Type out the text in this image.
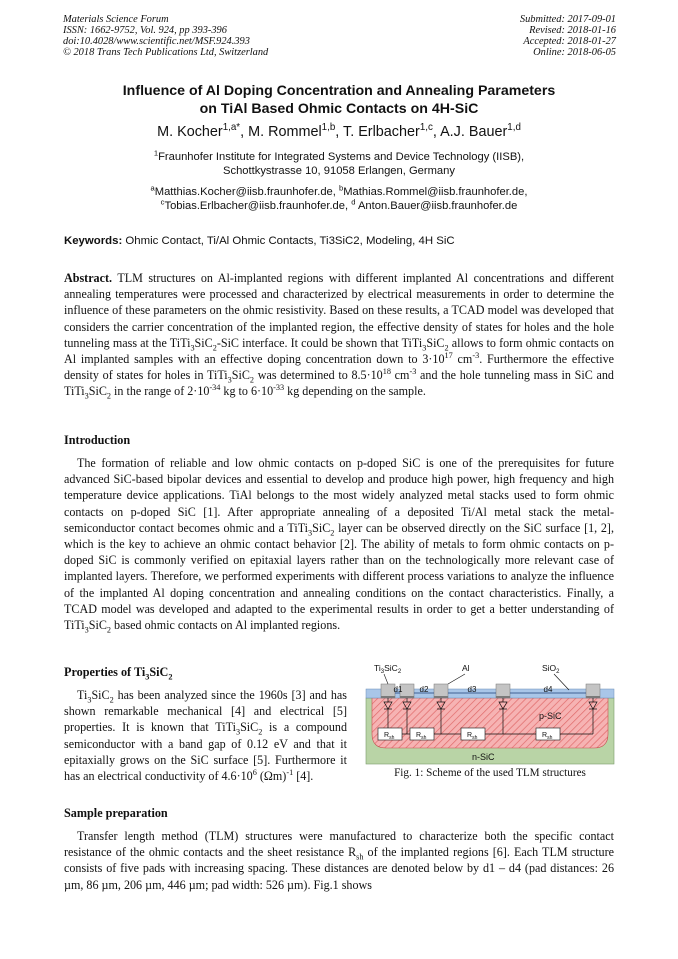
Materials Science Forum
ISSN: 1662-9752, Vol. 924, pp 393-396
doi:10.4028/www.scientific.net/MSF.924.393
© 2018 Trans Tech Publications Ltd, Switzerland
Submitted: 2017-09-01
Revised: 2018-01-16
Accepted: 2018-01-27
Online: 2018-06-05
Influence of Al Doping Concentration and Annealing Parameters
on TiAl Based Ohmic Contacts on 4H-SiC
M. Kocher$^{1,a*}$, M. Rommel$^{1,b}$, T. Erlbacher$^{1,c}$, A.J. Bauer$^{1,d}$
$^1$Fraunhofer Institute for Integrated Systems and Device Technology (IISB),
Schottkystrasse 10, 91058 Erlangen, Germany
$^a$Matthias.Kocher@iisb.fraunhofer.de, $^b$Mathias.Rommel@iisb.fraunhofer.de,
$^c$Tobias.Erlbacher@iisb.fraunhofer.de, $^d$ Anton.Bauer@iisb.fraunhofer.de
Keywords: Ohmic Contact, Ti/Al Ohmic Contacts, Ti3SiC2, Modeling, 4H SiC
Abstract. TLM structures on Al-implanted regions with different implanted Al concentrations and different annealing temperatures were processed and characterized by electrical measurements in order to determine the influence of these parameters on the ohmic resistivity. Based on these results, a TCAD model was developed that considers the carrier concentration of the implanted region, the effective density of states for holes and the hole tunneling mass at the TiTi$_3$SiC$_2$-SiC interface. It could be shown that TiTi$_3$SiC$_2$ allows to form ohmic contacts on Al implanted samples with an effective doping concentration down to $3\cdot 10^{17}$ $cm^{-3}$. Furthermore the effective density of states for holes in TiTi$_3$SiC$_2$ was determined to $8.5\cdot 10^{18}$ $cm^{-3}$ and the hole tunneling mass in SiC and TiTi$_3$SiC$_2$ in the range of $2\cdot 10^{-34}$ kg to $6\cdot 10^{-33}$ kg depending on the sample.
Introduction
The formation of reliable and low ohmic contacts on p-doped SiC is one of the prerequisites for future advanced SiC-based bipolar devices and essential to develop and produce high power, high frequency and high temperature device applications. TiAl belongs to the most widely analyzed metal stacks used to form ohmic contacts on p-doped SiC [1]. After appropriate annealing of a deposited Ti/Al metal stack the metal-semiconductor contact becomes ohmic and a TiTi$_3$SiC$_2$ layer can be observed directly on the SiC surface [1, 2], which is the key to achieve an ohmic contact behavior [2]. The ability of metals to form ohmic contacts on p-doped SiC is commonly verified on epitaxial layers rather than on the technologically more relevant case of implanted layers. Therefore, we performed experiments with different process variations to analyze the influence of the implanted Al doping concentration and annealing conditions on the contact characteristics. Finally, a TCAD model was developed and adapted to the experimental results in order to get a better understanding of TiTi$_3$SiC$_2$ based ohmic contacts on Al implanted regions.
Properties of $Ti_3SiC_2$
$Ti_3SiC_2$ has been analyzed since the 1960s [3] and has shown remarkable mechanical [4] and electrical [5] properties. It is known that TiTi$_3$SiC$_2$ is a compound semiconductor with a band gap of 0.12 eV and that it epitaxially grows on the SiC surface [5]. Furthermore it has an electrical conductivity of $4.6\cdot 10^6$ $(\Omega m)^{-1}$ [4].
d1 d2	d3	d4
$Ti_3SiC_2$	Al	SiO$_2$
$R_{sh}$	$R_{sh}$	$R_{sh}$	$R_{sh}$
p-SiC
n-SiC
Fig. 1: Scheme of the used TLM structures
Sample preparation
Transfer length method (TLM) structures were manufactured to characterize both the specific contact resistance of the ohmic contacts and the sheet resistance $R_{sh}$ of the implanted regions [6]. Each TLM structure consists of five pads with increasing spacing. These distances are denoted below by d1 – d4 (pad distances: 26 µm, 86 µm, 206 µm, 446 µm; pad width: 526 µm). Fig.1 shows
